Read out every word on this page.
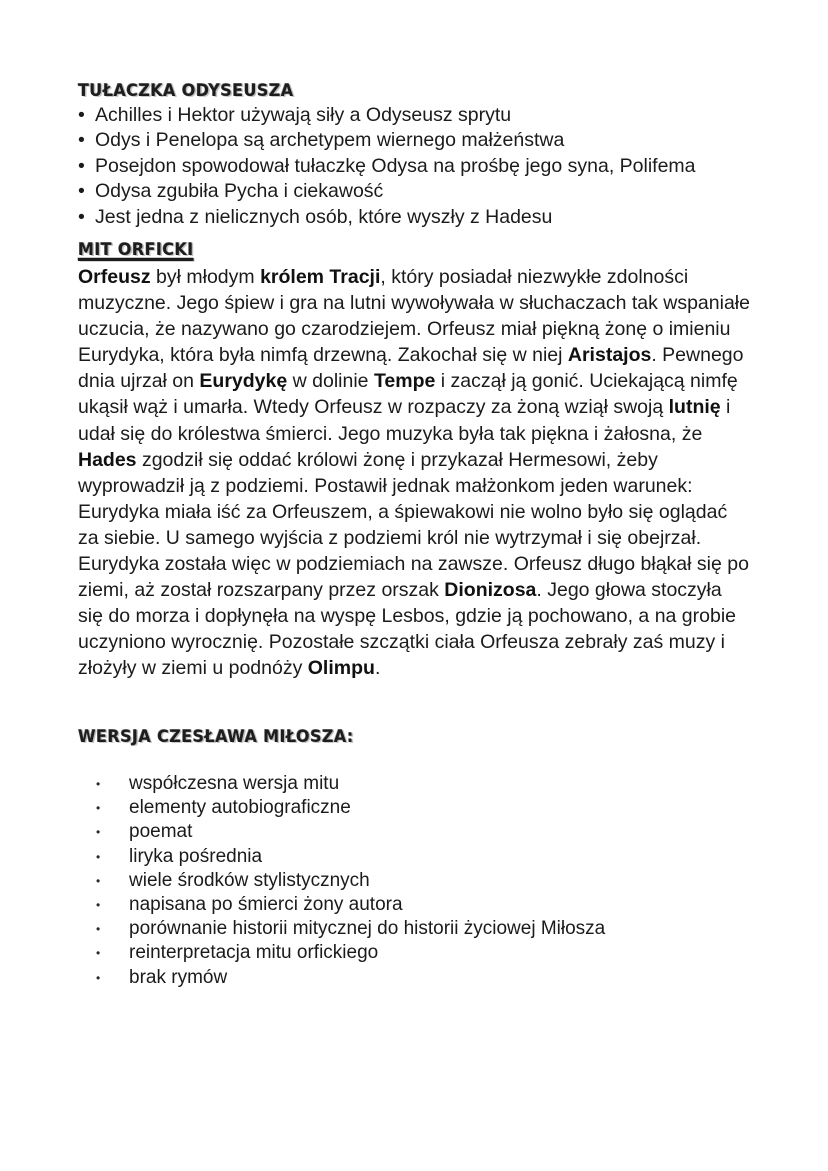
TUŁACZKA ODYSEUSZA
• Achilles i Hektor używają siły a Odyseusz sprytu
• Odys i Penelopa są archetypem wiernego małżeństwa
• Posejdon spowodował tułaczkę Odysa na prośbę jego syna, Polifema
• Odysa zgubiła Pycha i ciekawość
• Jest jedna z nielicznych osób, które wyszły z Hadesu
MIT ORFICKI

Orfeusz był młodym królem Tracji, który posiadał niezwykłe zdolności muzyczne. Jego śpiew i gra na lutni wywoływała w słuchaczach tak wspaniałe uczucia, że nazywano go czarodziejem. Orfeusz miał piękną żonę o imieniu Eurydyka, która była nimfą drzewną. Zakochał się w niej Aristajos. Pewnego dnia ujrzał on Eurydykę w dolinie Tempe i zaczął ją gonić. Uciekającą nimfę ukąsił wąż i umarła. Wtedy Orfeusz w rozpaczy za żoną wziął swoją lutnię i udał się do królestwa śmierci. Jego muzyka była tak piękna i żałosna, że Hades zgodził się oddać królowi żonę i przykazał Hermesowi, żeby wyprowadził ją z podziemi. Postawił jednak małżonkom jeden warunek: Eurydyka miała iść za Orfeuszem, a śpiewakowi nie wolno było się oglądać za siebie. U samego wyjścia z podziemi król nie wytrzymał i się obejrzał. Eurydyka została więc w podziemiach na zawsze. Orfeusz długo błąkał się po ziemi, aż został rozszarpany przez orszak Dionizosa. Jego głowa stoczyła się do morza i dopłynęła na wyspę Lesbos, gdzie ją pochowano, a na grobie uczyniono wyrocznię. Pozostałe szczątki ciała Orfeusza zebrały zaś muzy i złożyły w ziemi u podnóży Olimpu.

WERSJA CZESŁAWA MIŁOSZA:
• współczesna wersja mitu
• elementy autobiograficzne
• poemat
• liryka pośrednia
• wiele środków stylistycznych
• napisana po śmierci żony autora
• porównanie historii mitycznej do historii życiowej Miłosza
• reinterpretacja mitu orfickiego
• brak rymów
